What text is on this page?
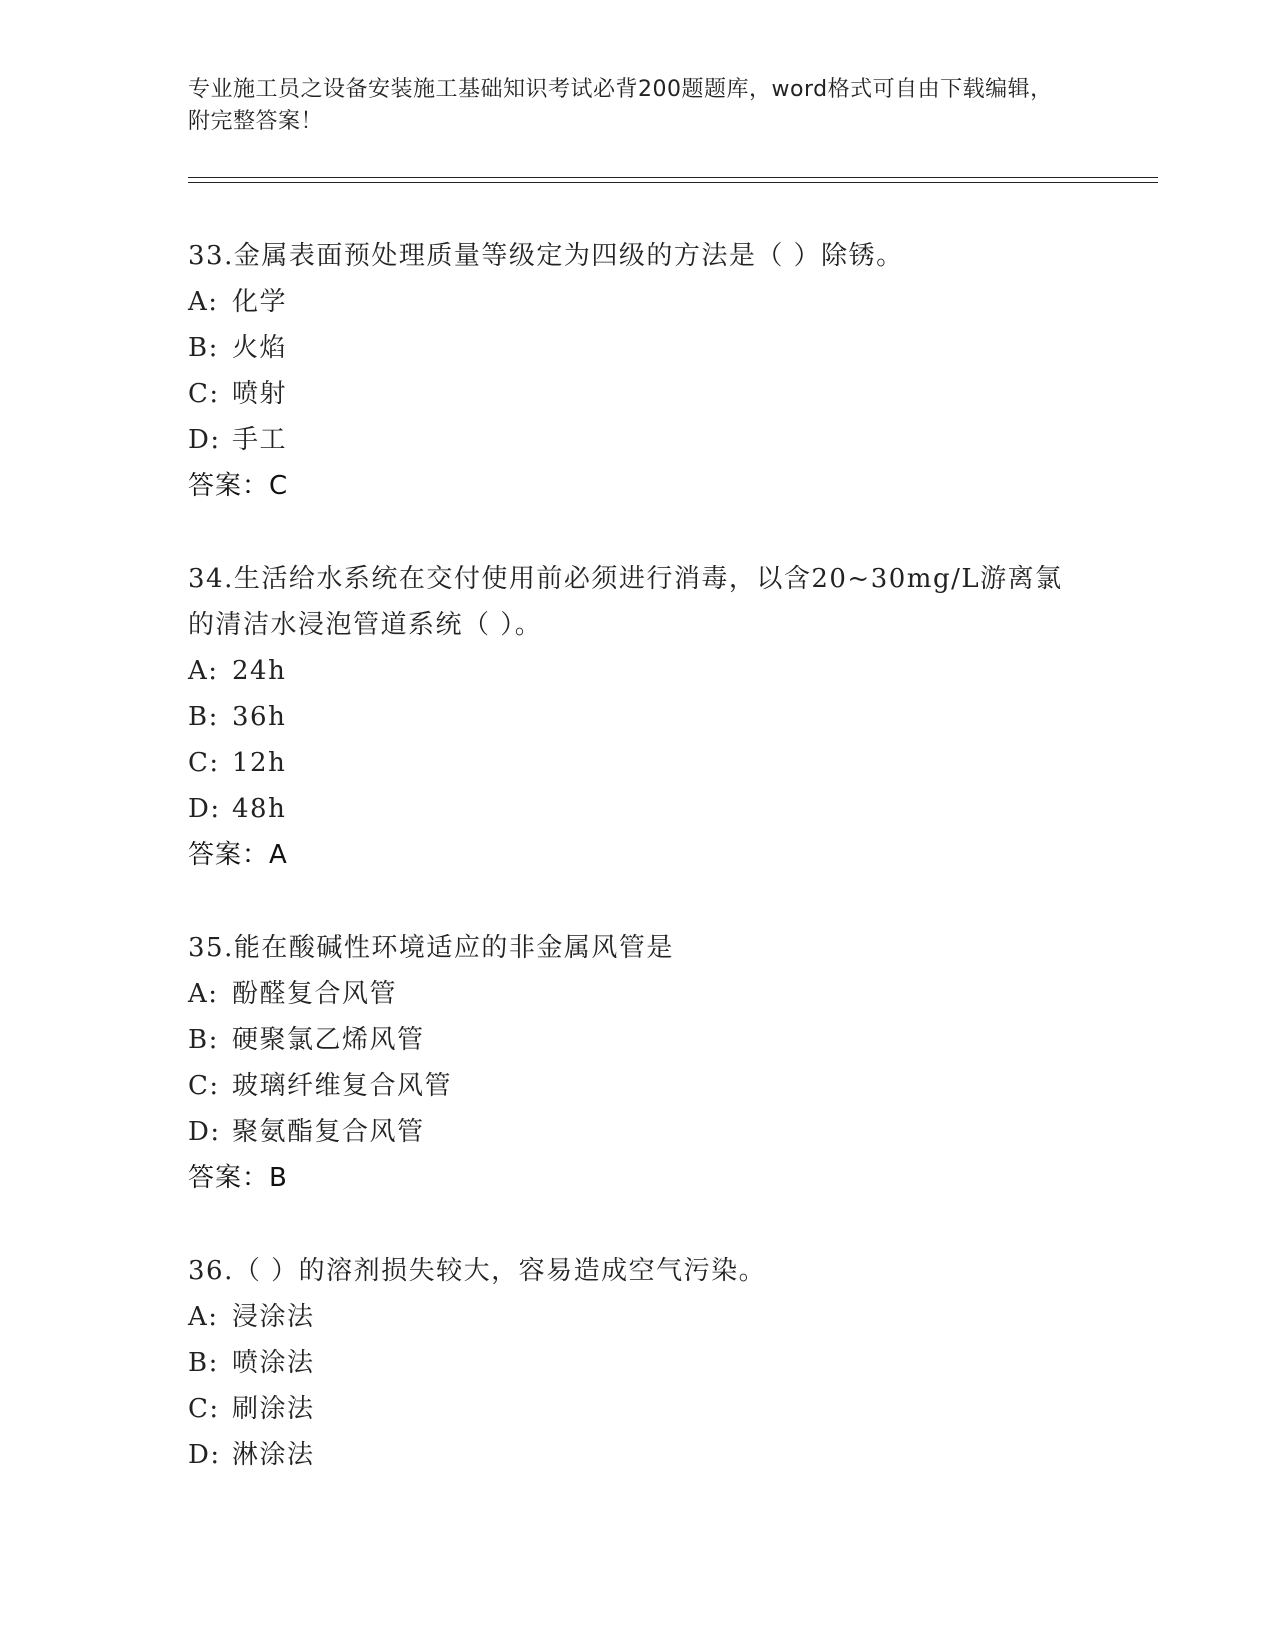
专业施工员之设备安装施工基础知识考试必背200题题库，word格式可自由下载编辑，附完整答案！
33.金属表面预处理质量等级定为四级的方法是（ ）除锈。
A: 化学
B: 火焰
C: 喷射
D: 手工
答案：C
34.生活给水系统在交付使用前必须进行消毒，以含20~30mg/L游离氯的清洁水浸泡管道系统（ ）。
A: 24h
B: 36h
C: 12h
D: 48h
答案：A
35.能在酸碱性环境适应的非金属风管是
A: 酚醛复合风管
B: 硬聚氯乙烯风管
C: 玻璃纤维复合风管
D: 聚氨酯复合风管
答案：B
36.（ ）的溶剂损失较大，容易造成空气污染。
A: 浸涂法
B: 喷涂法
C: 刷涂法
D: 淋涂法
